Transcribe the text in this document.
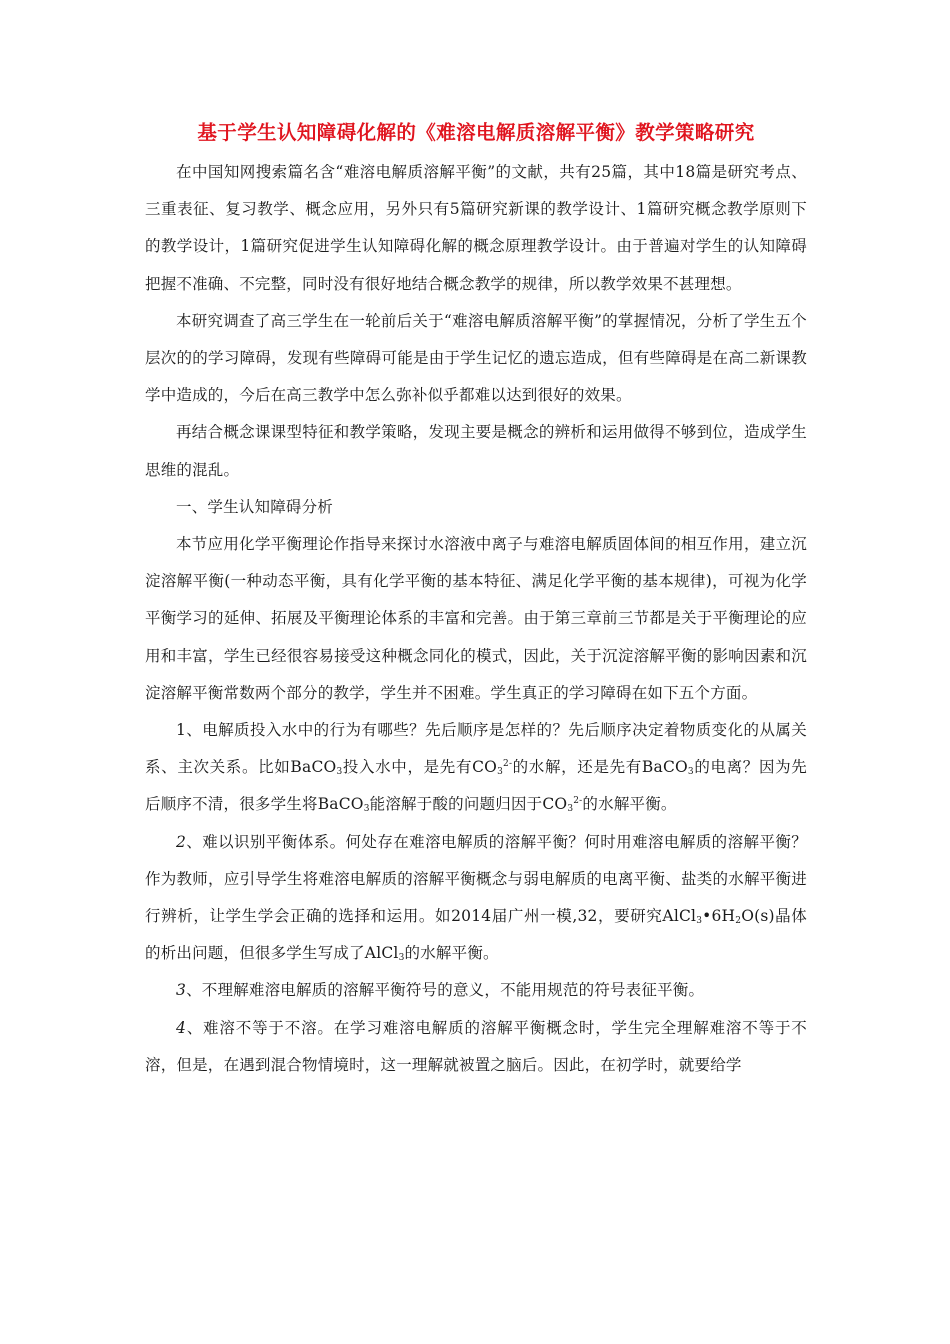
基于学生认知障碍化解的《难溶电解质溶解平衡》教学策略研究

在中国知网搜索篇名含“难溶电解质溶解平衡”的文献，共有25篇，其中18篇是研究考点、三重表征、复习教学、概念应用，另外只有5篇研究新课的教学设计、1篇研究概念教学原则下的教学设计，1篇研究促进学生认知障碍化解的概念原理教学设计。由于普遍对学生的认知障碍把握不准确、不完整，同时没有很好地结合概念教学的规律，所以教学效果不甚理想。

本研究调查了高三学生在一轮前后关于“难溶电解质溶解平衡”的掌握情况，分析了学生五个层次的的学习障碍，发现有些障碍可能是由于学生记忆的遗忘造成，但有些障碍是在高二新课教学中造成的，今后在高三教学中怎么弥补似乎都难以达到很好的效果。

再结合概念课课型特征和教学策略，发现主要是概念的辨析和运用做得不够到位，造成学生思维的混乱。

一、学生认知障碍分析

本节应用化学平衡理论作指导来探讨水溶液中离子与难溶电解质固体间的相互作用，建立沉淀溶解平衡(一种动态平衡，具有化学平衡的基本特征、满足化学平衡的基本规律)，可视为化学平衡学习的延伸、拓展及平衡理论体系的丰富和完善。由于第三章前三节都是关于平衡理论的应用和丰富，学生已经很容易接受这种概念同化的模式，因此，关于沉淀溶解平衡的影响因素和沉淀溶解平衡常数两个部分的教学，学生并不困难。学生真正的学习障碍在如下五个方面。

1、电解质投入水中的行为有哪些？先后顺序是怎样的？先后顺序决定着物质变化的从属关系、主次关系。比如BaCO$_3$投入水中，是先有$CO_3^{2-}$的水解，还是先有BaCO$_3$的电离？因为先后顺序不清，很多学生将BaCO$_3$能溶解于酸的问题归因于$CO_3^{2-}$的水解平衡。

2、难以识别平衡体系。何处存在难溶电解质的溶解平衡？何时用难溶电解质的溶解平衡？作为教师，应引导学生将难溶电解质的溶解平衡概念与弱电解质的电离平衡、盐类的水解平衡进行辨析，让学生学会正确的选择和运用。如2014届广州一模,32，要研究$AlCl_3•6H_2O(s)$晶体的析出问题，但很多学生写成了AlCl$_3$的水解平衡。

3、不理解难溶电解质的溶解平衡符号的意义，不能用规范的符号表征平衡。

4、难溶不等于不溶。在学习难溶电解质的溶解平衡概念时，学生完全理解难溶不等于不溶，但是，在遇到混合物情境时，这一理解就被置之脑后。因此，在初学时，就要给学
